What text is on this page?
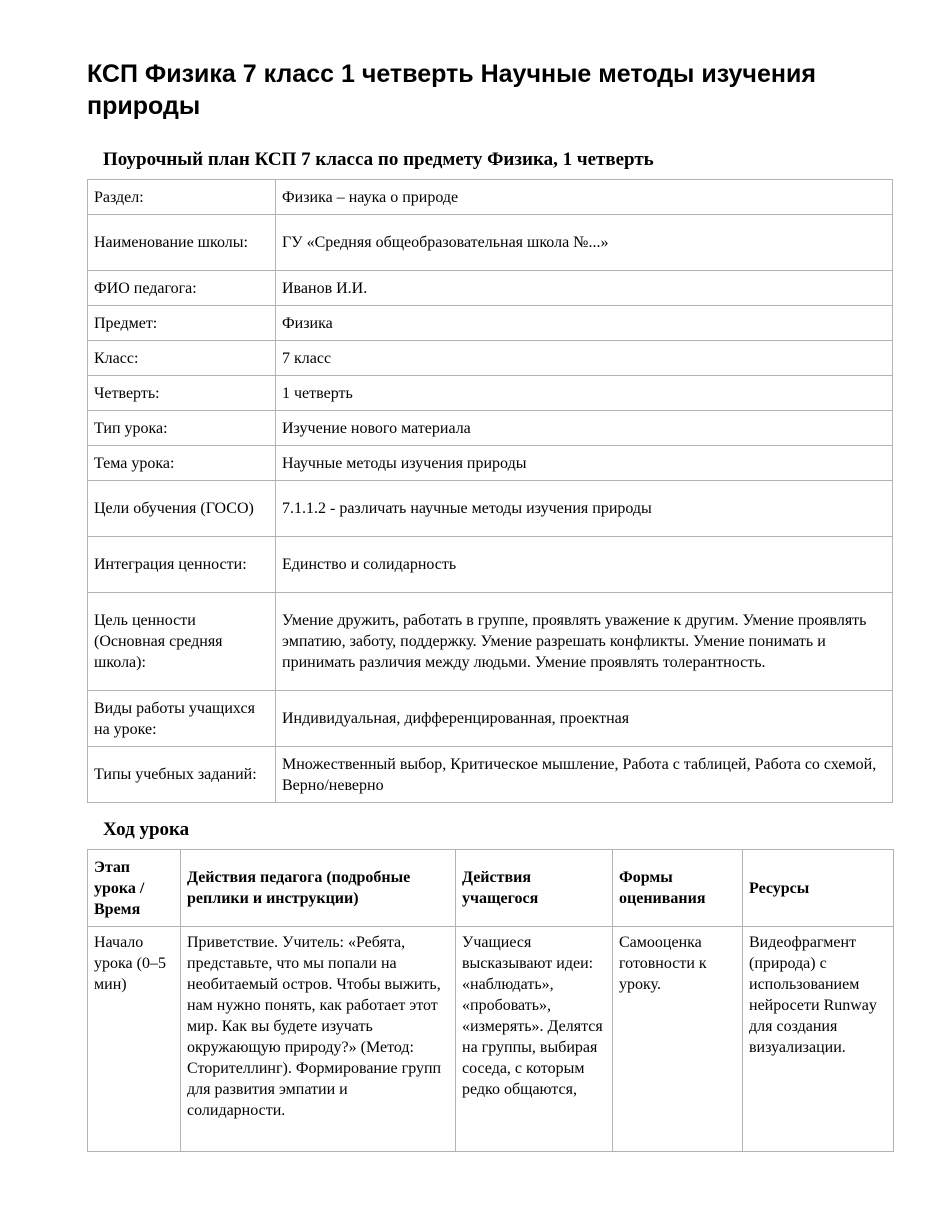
КСП Физика 7 класс 1 четверть Научные методы изучения природы
Поурочный план КСП 7 класса по предмету Физика, 1 четверть
Раздел:	Физика – наука о природе
Наименование школы:	ГУ «Средняя общеобразовательная школа №...»
ФИО педагога:	Иванов И.И.
Предмет:	Физика
Класс:	7 класс
Четверть:	1 четверть
Тип урока:	Изучение нового материала
Тема урока:	Научные методы изучения природы
Цели обучения (ГОСО)	7.1.1.2 - различать научные методы изучения природы
Интеграция ценности:	Единство и солидарность
Цель ценности (Основная средняя школа):	Умение дружить, работать в группе, проявлять уважение к другим. Умение проявлять эмпатию, заботу, поддержку. Умение разрешать конфликты. Умение понимать и принимать различия между людьми. Умение проявлять толерантность.
Виды работы учащихся на уроке:	Индивидуальная, дифференцированная, проектная
Типы учебных заданий:	Множественный выбор, Критическое мышление, Работа с таблицей, Работа со схемой, Верно/неверно
Ход урока
Этап урока / Время	Действия педагога (подробные реплики и инструкции)	Действия учащегося	Формы оценивания	Ресурсы
Начало урока (0–5 мин)	Приветствие. Учитель: «Ребята, представьте, что мы попали на необитаемый остров. Чтобы выжить, нам нужно понять, как работает этот мир. Как вы будете изучать окружающую природу?» (Метод: Сторителлинг). Формирование групп для развития эмпатии и солидарности.	Учащиеся высказывают идеи: «наблюдать», «пробовать», «измерять». Делятся на группы, выбирая соседа, с которым редко общаются,	Самооценка готовности к уроку.	Видеофрагмент (природа) с использованием нейросети Runway для создания визуализации.
